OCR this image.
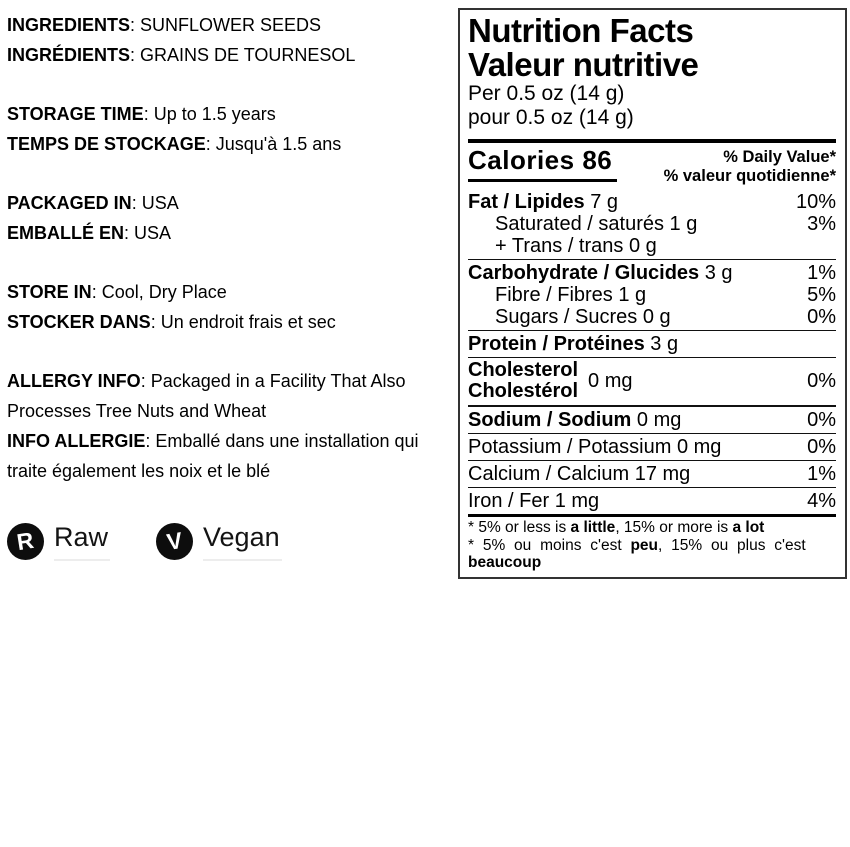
INGREDIENTS: SUNFLOWER SEEDS
INGRÉDIENTS: GRAINS DE TOURNESOL
STORAGE TIME: Up to 1.5 years
TEMPS DE STOCKAGE: Jusqu'à 1.5 ans
PACKAGED IN: USA
EMBALLÉ EN: USA
STORE IN: Cool, Dry Place
STOCKER DANS: Un endroit frais et sec
ALLERGY INFO: Packaged in a Facility That Also Processes Tree Nuts and Wheat
INFO ALLERGIE: Emballé dans une installation qui traite également les noix et le blé
R Raw V Vegan
Nutrition Facts
Valeur nutritive
Per 0.5 oz (14 g)
pour 0.5 oz (14 g)
Calories 86	% Daily Value*
% valeur quotidienne*
Fat / Lipides 7 g	10%
Saturated / saturés 1 g	3%
+ Trans / trans 0 g
Carbohydrate / Glucides 3 g	1%
Fibre / Fibres 1 g	5%
Sugars / Sucres 0 g	0%
Protein / Protéines 3 g
Cholesterol
Cholestérol 0 mg	0%
Sodium / Sodium 0 mg	0%
Potassium / Potassium 0 mg	0%
Calcium / Calcium 17 mg	1%
Iron / Fer 1 mg	4%
* 5% or less is a little, 15% or more is a lot
* 5% ou moins c'est peu, 15% ou plus c'est
beaucoup
